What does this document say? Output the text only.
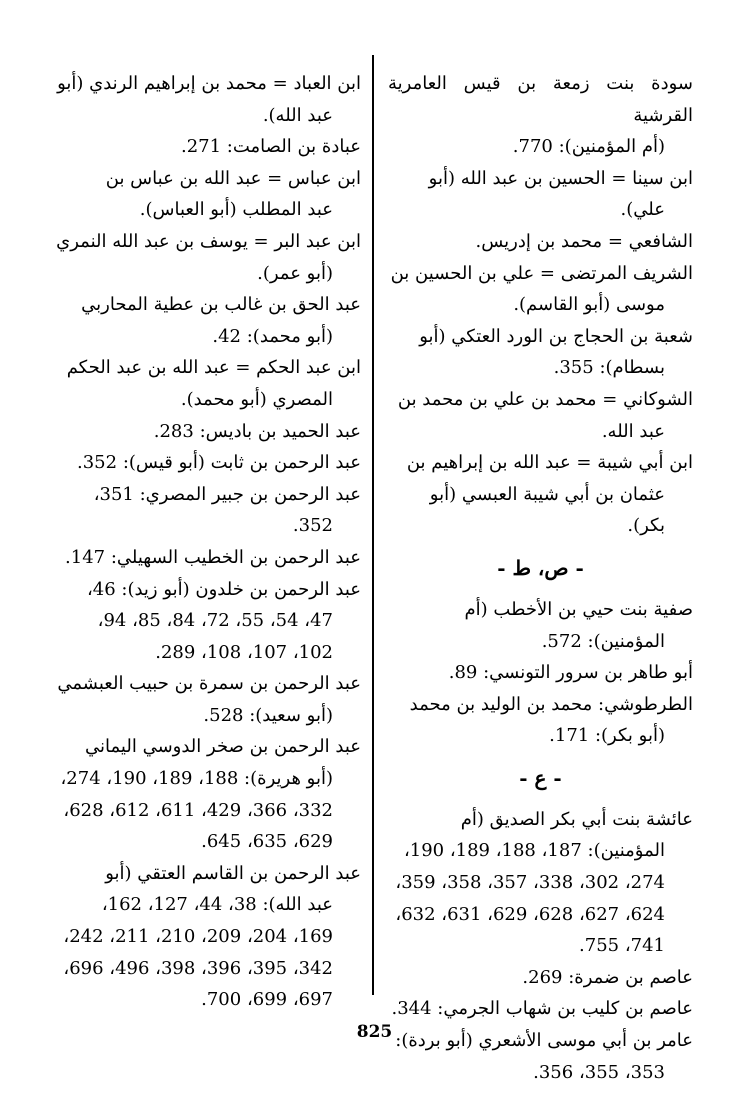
سودة بنت زمعة بن قيس العامرية القرشية
(أم المؤمنين): 770.
ابن سينا = الحسين بن عبد الله (أبو
علي).
الشافعي = محمد بن إدريس.
الشريف المرتضى = علي بن الحسين بن
موسى (أبو القاسم).
شعبة بن الحجاج بن الورد العتكي (أبو
بسطام): 355.
الشوكاني = محمد بن علي بن محمد بن
عبد الله.
ابن أبي شيبة = عبد الله بن إبراهيم بن
عثمان بن أبي شيبة العبسي (أبو بكر).
- ص، ط -
صفية بنت حيي بن الأخطب (أم
المؤمنين): 572.
أبو طاهر بن سرور التونسي: 89.
الطرطوشي: محمد بن الوليد بن محمد
(أبو بكر): 171.
- ع -
عائشة بنت أبي بكر الصديق (أم
المؤمنين): 187، 188، 189، 190،
274، 302، 338، 357، 358، 359،
624، 627، 628، 629، 631، 632،
741، 755.
عاصم بن ضمرة: 269.
عاصم بن كليب بن شهاب الجرمي: 344.
عامر بن أبي موسى الأشعري (أبو بردة):
353، 355، 356.
ابن العباد = محمد بن إبراهيم الرندي (أبو
عبد الله).
عبادة بن الصامت: 271.
ابن عباس = عبد الله بن عباس بن
عبد المطلب (أبو العباس).
ابن عبد البر = يوسف بن عبد الله النمري
(أبو عمر).
عبد الحق بن غالب بن عطية المحاربي
(أبو محمد): 42.
ابن عبد الحكم = عبد الله بن عبد الحكم
المصري (أبو محمد).
عبد الحميد بن باديس: 283.
عبد الرحمن بن ثابت (أبو قيس): 352.
عبد الرحمن بن جبير المصري: 351،
352.
عبد الرحمن بن الخطيب السهيلي: 147.
عبد الرحمن بن خلدون (أبو زيد): 46،
47، 54، 55، 72، 84، 85، 94،
102، 107، 108، 289.
عبد الرحمن بن سمرة بن حبيب العبشمي
(أبو سعيد): 528.
عبد الرحمن بن صخر الدوسي اليماني
(أبو هريرة): 188، 189، 190، 274،
332، 366، 429، 611، 612، 628،
629، 635، 645.
عبد الرحمن بن القاسم العتقي (أبو
عبد الله): 38، 44، 127، 162،
169، 204، 209، 210، 211، 242،
342، 395، 396، 398، 496، 696،
697، 699، 700.
825
